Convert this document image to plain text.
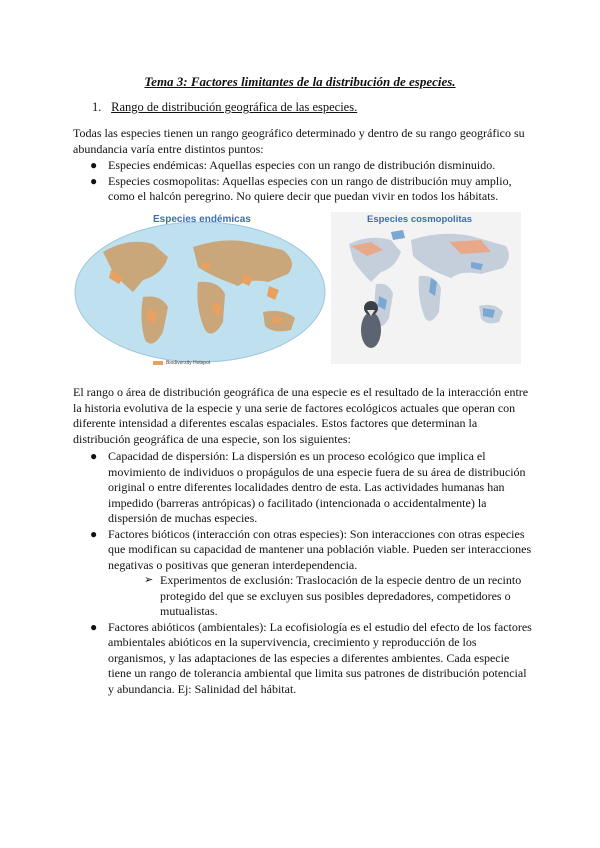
Tema 3: Factores limitantes de la distribución de especies.
1. Rango de distribución geográfica de las especies.
Todas las especies tienen un rango geográfico determinado y dentro de su rango geográfico su abundancia varía entre distintos puntos:
● Especies endémicas: Aquellas especies con un rango de distribución disminuido.
● Especies cosmopolitas: Aquellas especies con un rango de distribución muy amplio, como el halcón peregrino. No quiere decir que puedan vivir en todos los hábitats.
Especies endémicas
Biodiversity Hotspot
Especies cosmopolitas
El rango o área de distribución geográfica de una especie es el resultado de la interacción entre la historia evolutiva de la especie y una serie de factores ecológicos actuales que operan con diferente intensidad a diferentes escalas espaciales. Estos factores que determinan la distribución geográfica de una especie, son los siguientes:
● Capacidad de dispersión: La dispersión es un proceso ecológico que implica el movimiento de individuos o propágulos de una especie fuera de su área de distribución original o entre diferentes localidades dentro de esta. Las actividades humanas han impedido (barreras antrópicas) o facilitado (intencionada o accidentalmente) la dispersión de muchas especies.
● Factores bióticos (interacción con otras especies): Son interacciones con otras especies que modifican su capacidad de mantener una población viable. Pueden ser interacciones negativas o positivas que generan interdependencia.
➢ Experimentos de exclusión: Traslocación de la especie dentro de un recinto protegido del que se excluyen sus posibles depredadores, competidores o mutualistas.
● Factores abióticos (ambientales): La ecofisiología es el estudio del efecto de los factores ambientales abióticos en la supervivencia, crecimiento y reproducción de los organismos, y las adaptaciones de las especies a diferentes ambientes. Cada especie tiene un rango de tolerancia ambiental que limita sus patrones de distribución potencial y abundancia. Ej: Salinidad del hábitat.
